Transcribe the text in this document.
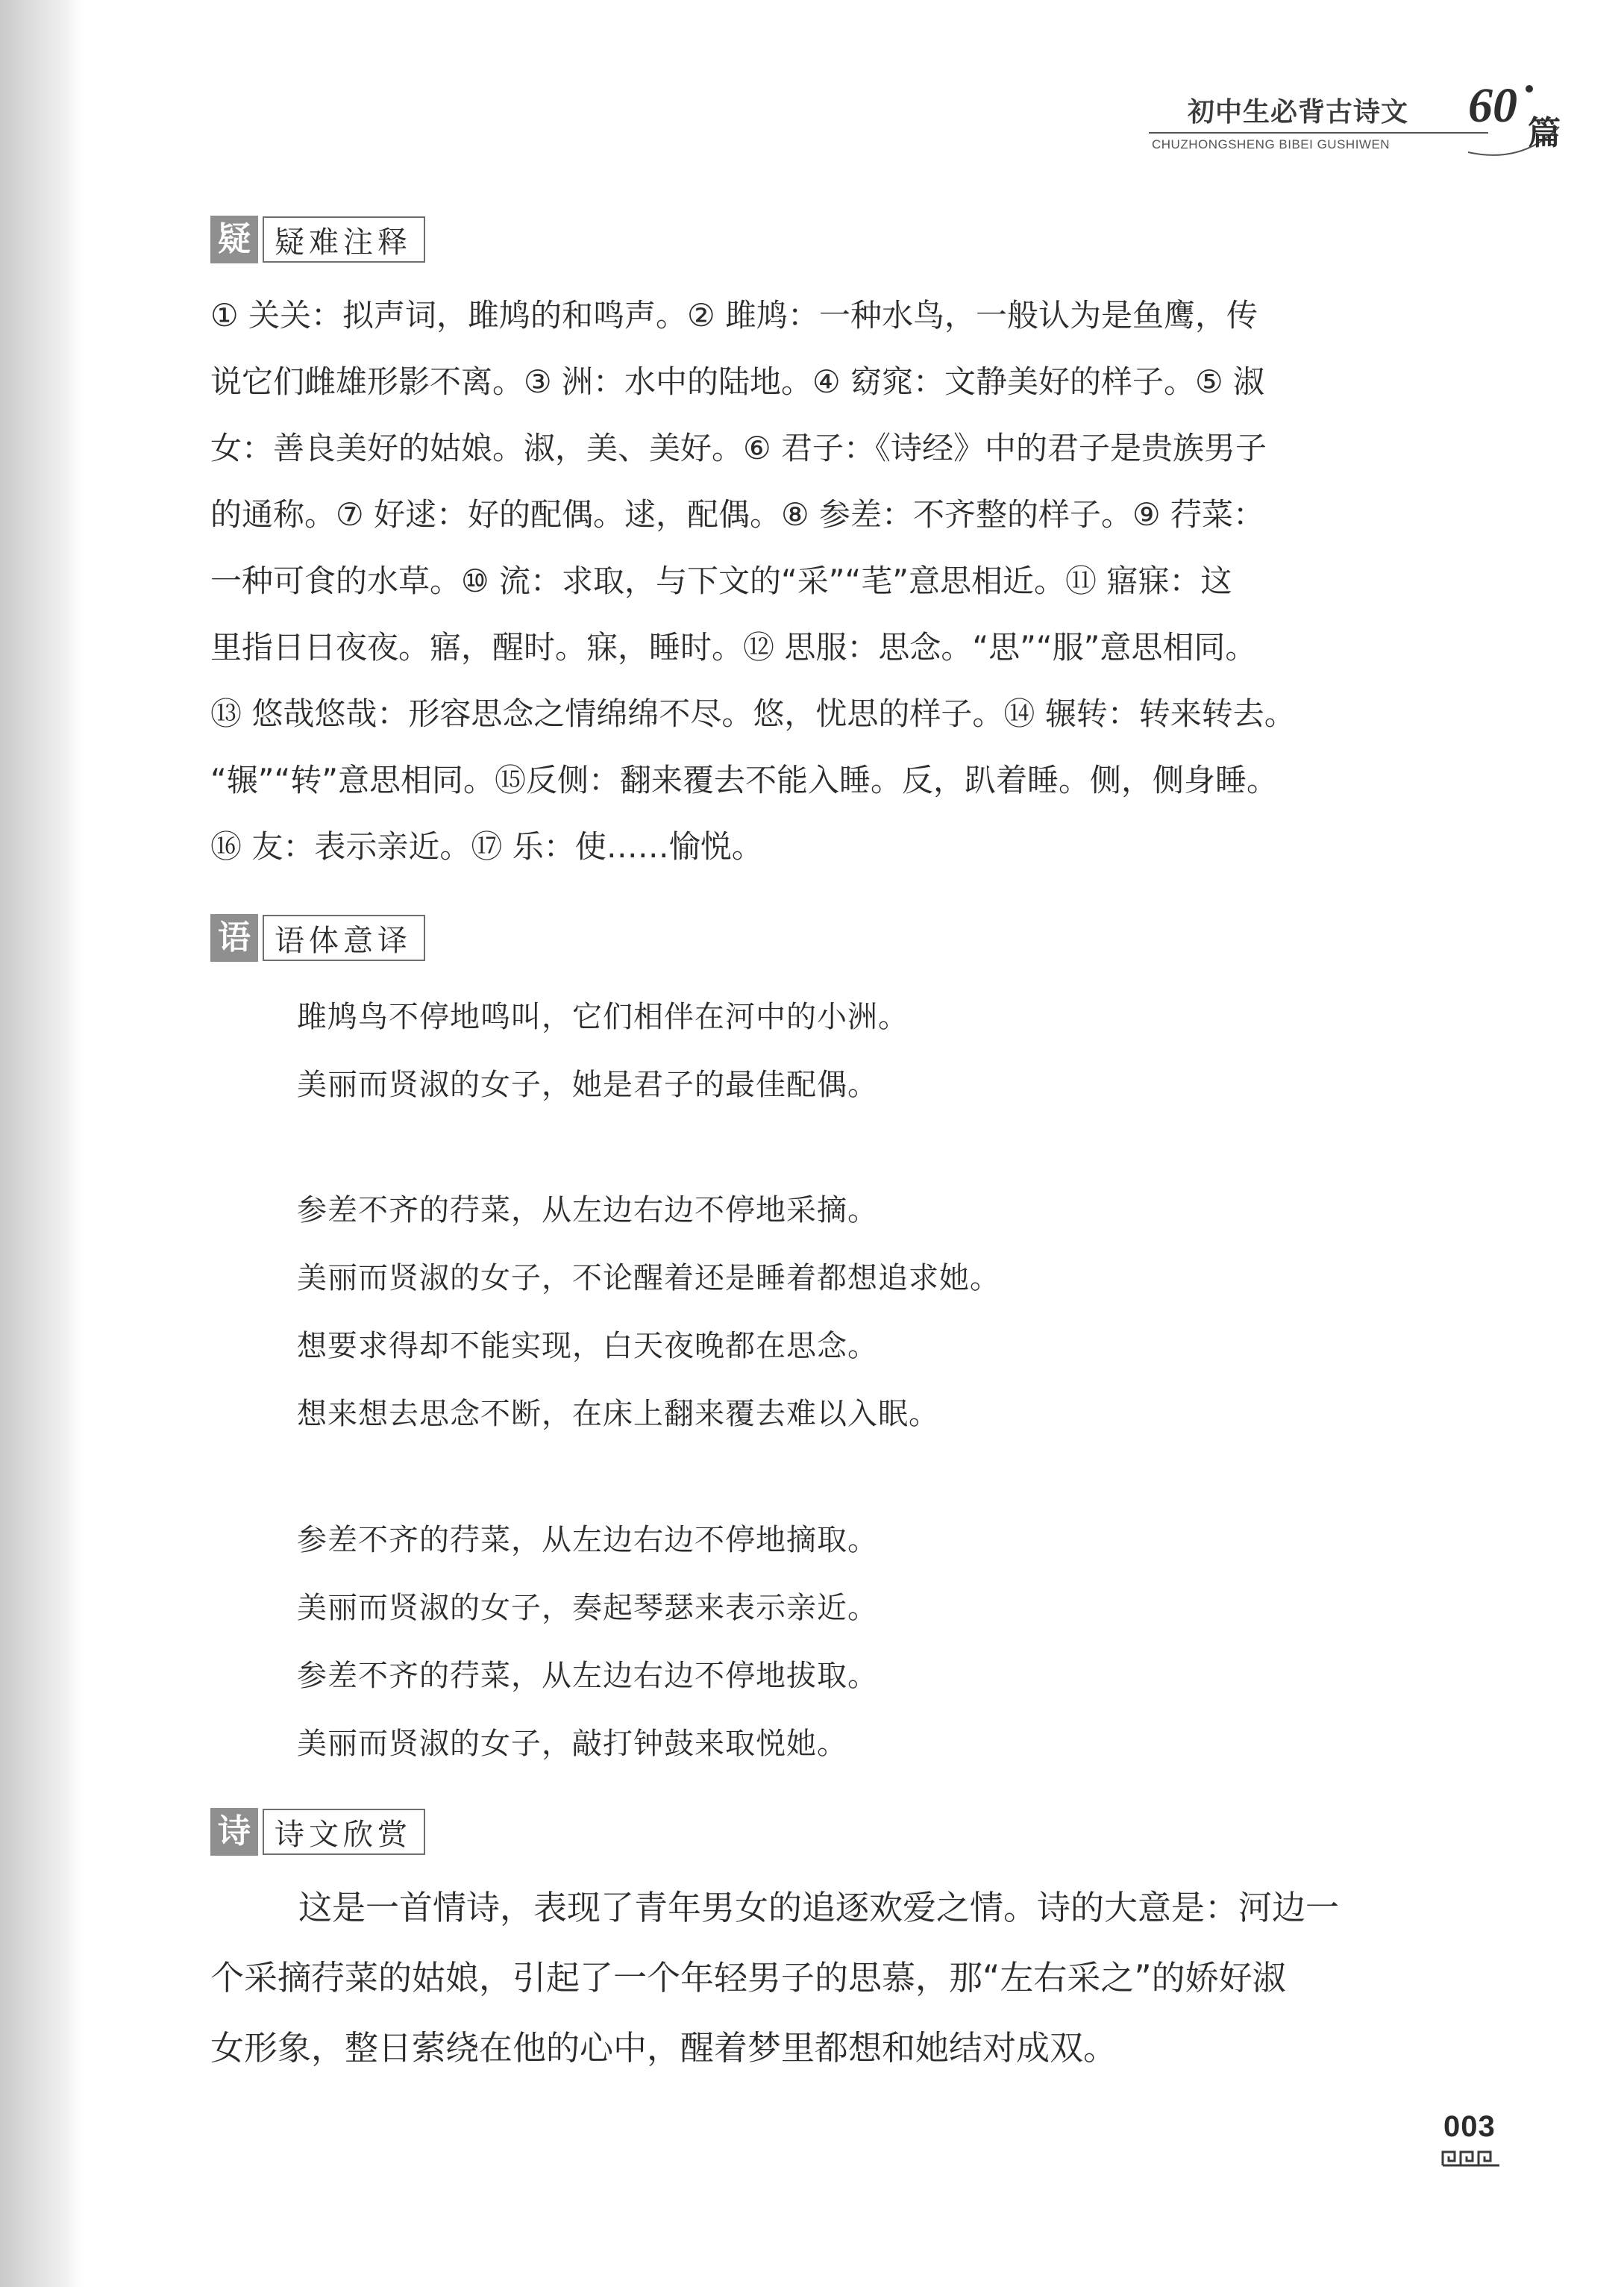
初中生必背古诗文
CHUZHONGSHENG BIBEI GUSHIWEN
60
篇
疑 疑难注释
① 关关：拟声词，雎鸠的和鸣声。② 雎鸠：一种水鸟，一般认为是鱼鹰，传
说它们雌雄形影不离。③ 洲：水中的陆地。④ 窈窕：文静美好的样子。⑤ 淑
女：善良美好的姑娘。淑，美、美好。⑥ 君子：《诗经》中的君子是贵族男子
的通称。⑦ 好逑：好的配偶。逑，配偶。⑧ 参差：不齐整的样子。⑨ 荇菜：
一种可食的水草。⑩ 流：求取，与下文的“采”“芼”意思相近。⑪ 寤寐：这
里指日日夜夜。寤，醒时。寐，睡时。⑫ 思服：思念。“思”“服”意思相同。
⑬ 悠哉悠哉：形容思念之情绵绵不尽。悠，忧思的样子。⑭ 辗转：转来转去。
“辗”“转”意思相同。⑮反侧：翻来覆去不能入睡。反，趴着睡。侧，侧身睡。
⑯ 友：表示亲近。⑰ 乐：使……愉悦。
语 语体意译
雎鸠鸟不停地鸣叫，它们相伴在河中的小洲。
美丽而贤淑的女子，她是君子的最佳配偶。
参差不齐的荇菜，从左边右边不停地采摘。
美丽而贤淑的女子，不论醒着还是睡着都想追求她。
想要求得却不能实现，白天夜晚都在思念。
想来想去思念不断，在床上翻来覆去难以入眠。
参差不齐的荇菜，从左边右边不停地摘取。
美丽而贤淑的女子，奏起琴瑟来表示亲近。
参差不齐的荇菜，从左边右边不停地拔取。
美丽而贤淑的女子，敲打钟鼓来取悦她。
诗 诗文欣赏
这是一首情诗，表现了青年男女的追逐欢爱之情。诗的大意是：河边一
个采摘荇菜的姑娘，引起了一个年轻男子的思慕，那“左右采之”的娇好淑
女形象，整日萦绕在他的心中，醒着梦里都想和她结对成双。
003
